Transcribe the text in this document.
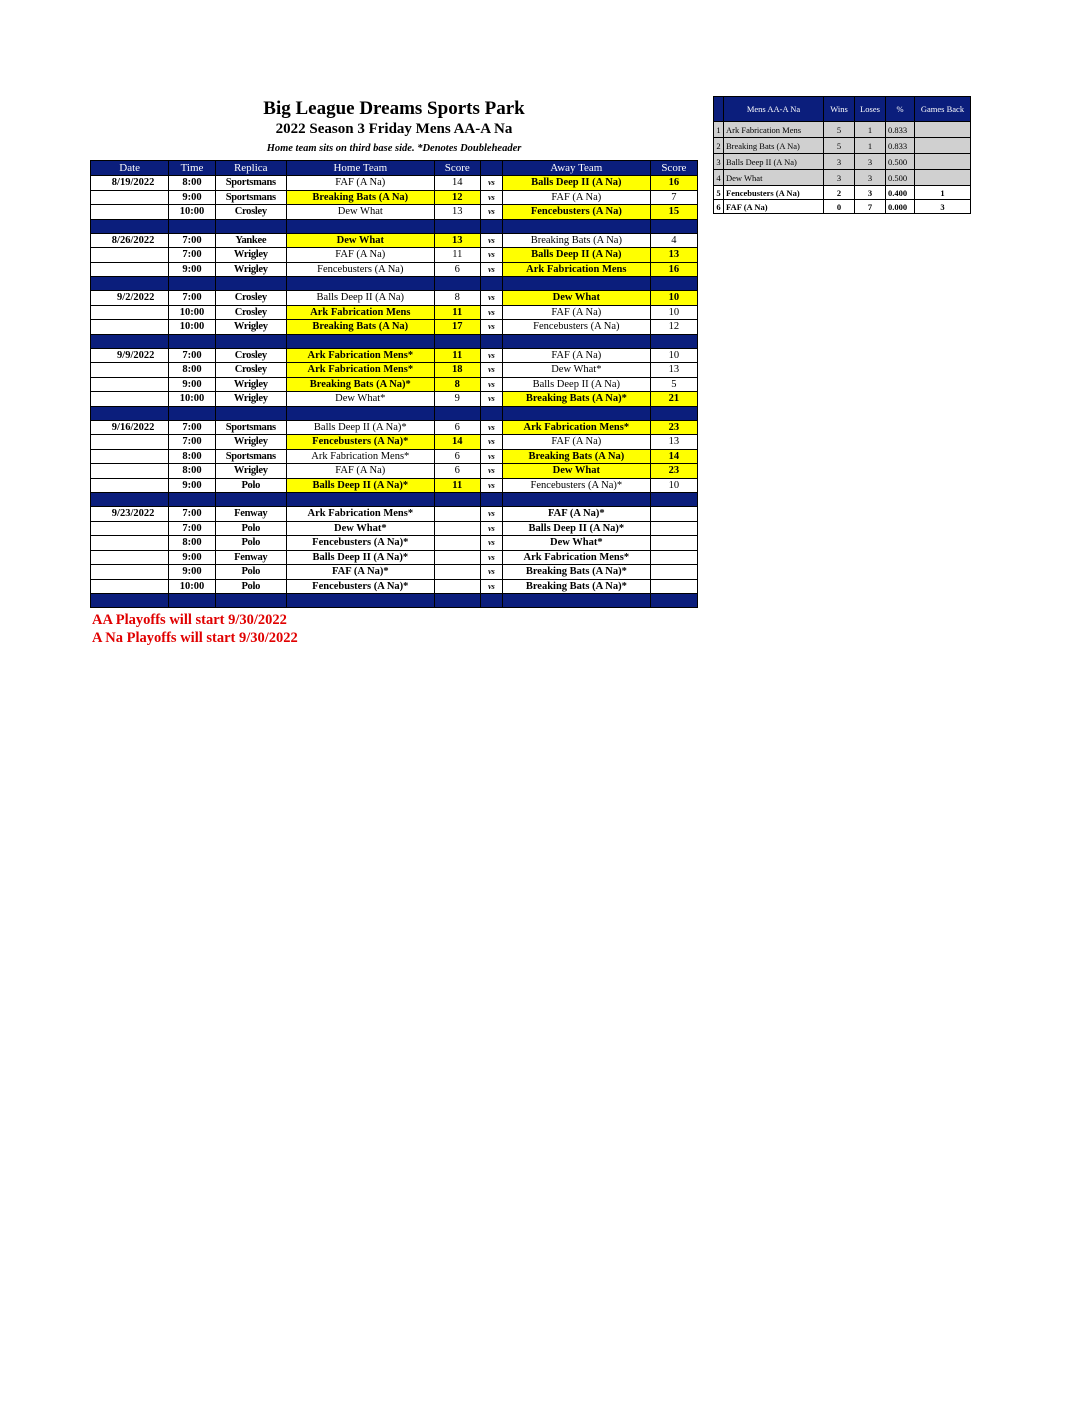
Big League Dreams Sports Park
2022 Season 3 Friday Mens AA-A Na
Home team sits on third base side. *Denotes Doubleheader
Date	Time	Replica	Home Team	Score		Away Team	Score
8/19/2022	8:00	Sportsmans	FAF (A Na)	14	vs	Balls Deep II (A Na)	16
	9:00	Sportsmans	Breaking Bats (A Na)	12	vs	FAF (A Na)	7
	10:00	Crosley	Dew What	13	vs	Fencebusters (A Na)	15

8/26/2022	7:00	Yankee	Dew What	13	vs	Breaking Bats (A Na)	4
	7:00	Wrigley	FAF (A Na)	11	vs	Balls Deep II (A Na)	13
	9:00	Wrigley	Fencebusters (A Na)	6	vs	Ark Fabrication Mens	16

9/2/2022	7:00	Crosley	Balls Deep II (A Na)	8	vs	Dew What	10
	10:00	Crosley	Ark Fabrication Mens	11	vs	FAF (A Na)	10
	10:00	Wrigley	Breaking Bats (A Na)	17	vs	Fencebusters (A Na)	12

9/9/2022	7:00	Crosley	Ark Fabrication Mens*	11	vs	FAF (A Na)	10
	8:00	Crosley	Ark Fabrication Mens*	18	vs	Dew What*	13
	9:00	Wrigley	Breaking Bats (A Na)*	8	vs	Balls Deep II (A Na)	5
	10:00	Wrigley	Dew What*	9	vs	Breaking Bats (A Na)*	21

9/16/2022	7:00	Sportsmans	Balls Deep II (A Na)*	6	vs	Ark Fabrication Mens*	23
	7:00	Wrigley	Fencebusters (A Na)*	14	vs	FAF (A Na)	13
	8:00	Sportsmans	Ark Fabrication Mens*	6	vs	Breaking Bats (A Na)	14
	8:00	Wrigley	FAF (A Na)	6	vs	Dew What	23
	9:00	Polo	Balls Deep II (A Na)*	11	vs	Fencebusters (A Na)*	10

9/23/2022	7:00	Fenway	Ark Fabrication Mens*		vs	FAF (A Na)*	
	7:00	Polo	Dew What*		vs	Balls Deep II (A Na)*	
	8:00	Polo	Fencebusters (A Na)*		vs	Dew What*	
	9:00	Fenway	Balls Deep II (A Na)*		vs	Ark Fabrication Mens*	
	9:00	Polo	FAF (A Na)*		vs	Breaking Bats (A Na)*	
	10:00	Polo	Fencebusters (A Na)*		vs	Breaking Bats (A Na)*	

	Mens AA-A Na	Wins	Loses	%	Games Back
1	Ark Fabrication Mens	5	1	0.833	
2	Breaking Bats (A Na)	5	1	0.833	
3	Balls Deep II (A Na)	3	3	0.500	
4	Dew What	3	3	0.500	
5	Fencebusters (A Na)	2	3	0.400	1
6	FAF (A Na)	0	7	0.000	3
AA Playoffs will start 9/30/2022
A Na Playoffs will start 9/30/2022
